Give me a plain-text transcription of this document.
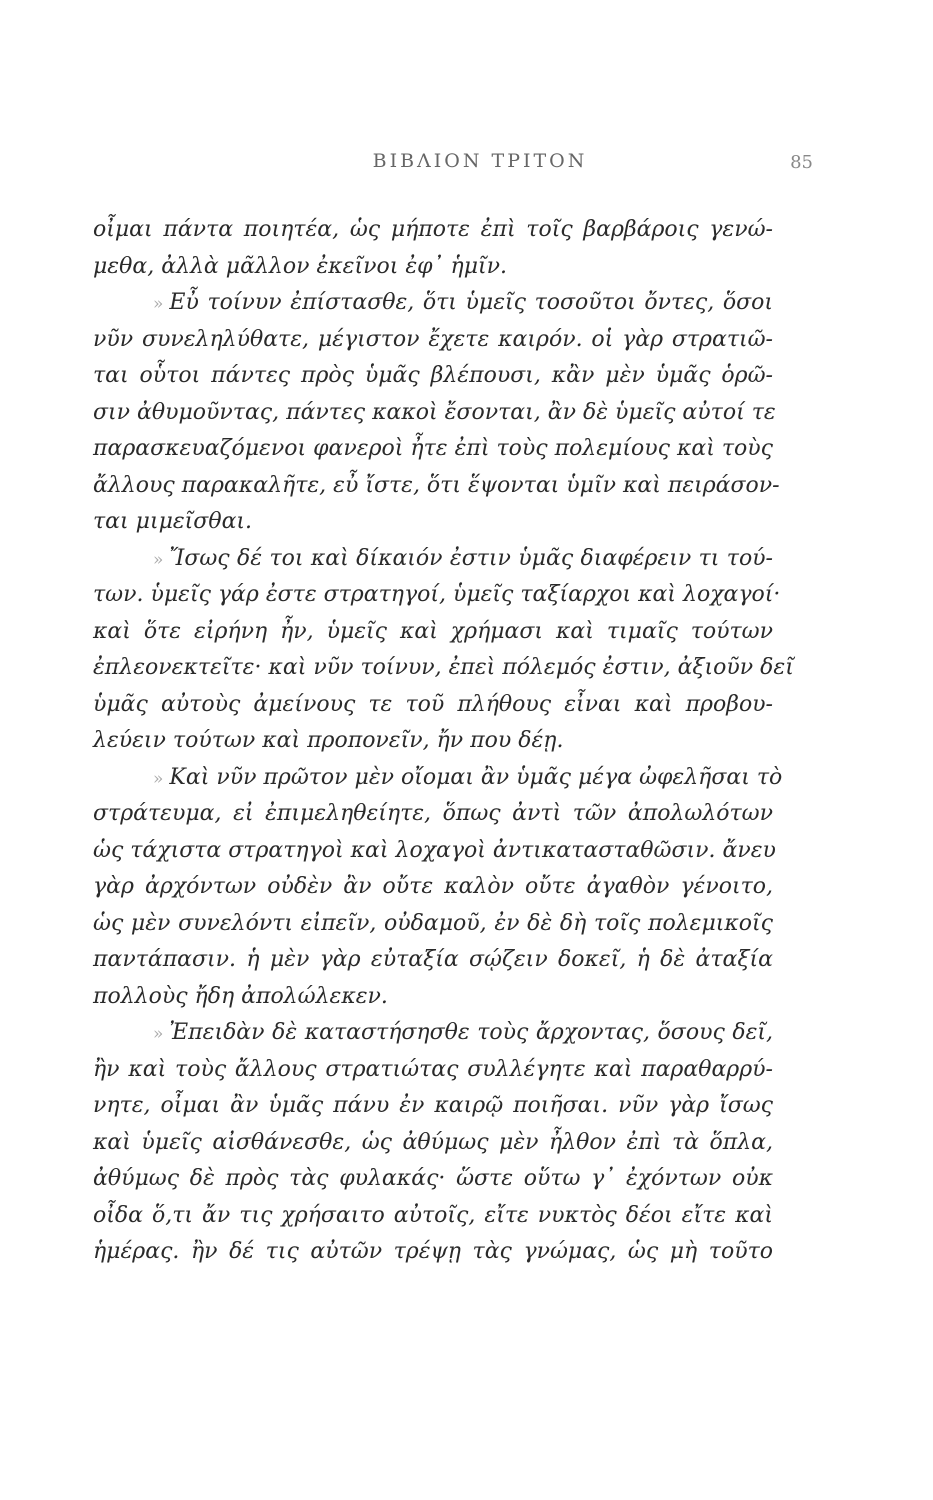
ΒΙΒΛΙΟΝ ΤΡΙΤΟΝ	85
οἶμαι πάντα ποιητέα, ὡς μήποτε ἐπὶ τοῖς βαρβάροις γενώ-
μεθα, ἀλλὰ μᾶλλον ἐκεῖνοι ἐφ᾽ ἡμῖν.
» Εὖ τοίνυν ἐπίστασθε, ὅτι ὑμεῖς τοσοῦτοι ὄντες, ὅσοι
νῦν συνεληλύθατε, μέγιστον ἔχετε καιρόν. οἱ γὰρ στρατιῶ-
ται οὗτοι πάντες πρὸς ὑμᾶς βλέπουσι, κἂν μὲν ὑμᾶς ὁρῶ-
σιν ἀθυμοῦντας, πάντες κακοὶ ἔσονται, ἂν δὲ ὑμεῖς αὐτοί τε
παρασκευαζόμενοι φανεροὶ ἦτε ἐπὶ τοὺς πολεμίους καὶ τοὺς
ἄλλους παρακαλῆτε, εὖ ἴστε, ὅτι ἕψονται ὑμῖν καὶ πειράσον-
ται μιμεῖσθαι.
» Ἴσως δέ τοι καὶ δίκαιόν ἐστιν ὑμᾶς διαφέρειν τι τού-
των. ὑμεῖς γάρ ἐστε στρατηγοί, ὑμεῖς ταξίαρχοι καὶ λοχαγοί·
καὶ ὅτε εἰρήνη ἦν, ὑμεῖς καὶ χρήμασι καὶ τιμαῖς τούτων
ἐπλεονεκτεῖτε· καὶ νῦν τοίνυν, ἐπεὶ πόλεμός ἐστιν, ἀξιοῦν δεῖ
ὑμᾶς αὐτοὺς ἀμείνους τε τοῦ πλήθους εἶναι καὶ προβου-
λεύειν τούτων καὶ προπονεῖν, ἤν που δέῃ.
» Καὶ νῦν πρῶτον μὲν οἴομαι ἂν ὑμᾶς μέγα ὠφελῆσαι τὸ
στράτευμα, εἰ ἐπιμεληθείητε, ὅπως ἀντὶ τῶν ἀπολωλότων
ὡς τάχιστα στρατηγοὶ καὶ λοχαγοὶ ἀντικατασταθῶσιν. ἄνευ
γὰρ ἀρχόντων οὐδὲν ἂν οὔτε καλὸν οὔτε ἀγαθὸν γένοιτο,
ὡς μὲν συνελόντι εἰπεῖν, οὐδαμοῦ, ἐν δὲ δὴ τοῖς πολεμικοῖς
παντάπασιν. ἡ μὲν γὰρ εὐταξία σῴζειν δοκεῖ, ἡ δὲ ἀταξία
πολλοὺς ἤδη ἀπολώλεκεν.
» Ἐπειδὰν δὲ καταστήσησθε τοὺς ἄρχοντας, ὅσους δεῖ,
ἢν καὶ τοὺς ἄλλους στρατιώτας συλλέγητε καὶ παραθαρρύ-
νητε, οἶμαι ἂν ὑμᾶς πάνυ ἐν καιρῷ ποιῆσαι. νῦν γὰρ ἴσως
καὶ ὑμεῖς αἰσθάνεσθε, ὡς ἀθύμως μὲν ἦλθον ἐπὶ τὰ ὅπλα,
ἀθύμως δὲ πρὸς τὰς φυλακάς· ὥστε οὕτω γ᾽ ἐχόντων οὐκ
οἶδα ὅ,τι ἄν τις χρήσαιτο αὐτοῖς, εἴτε νυκτὸς δέοι εἴτε καὶ
ἡμέρας. ἢν δέ τις αὐτῶν τρέψῃ τὰς γνώμας, ὡς μὴ τοῦτο
